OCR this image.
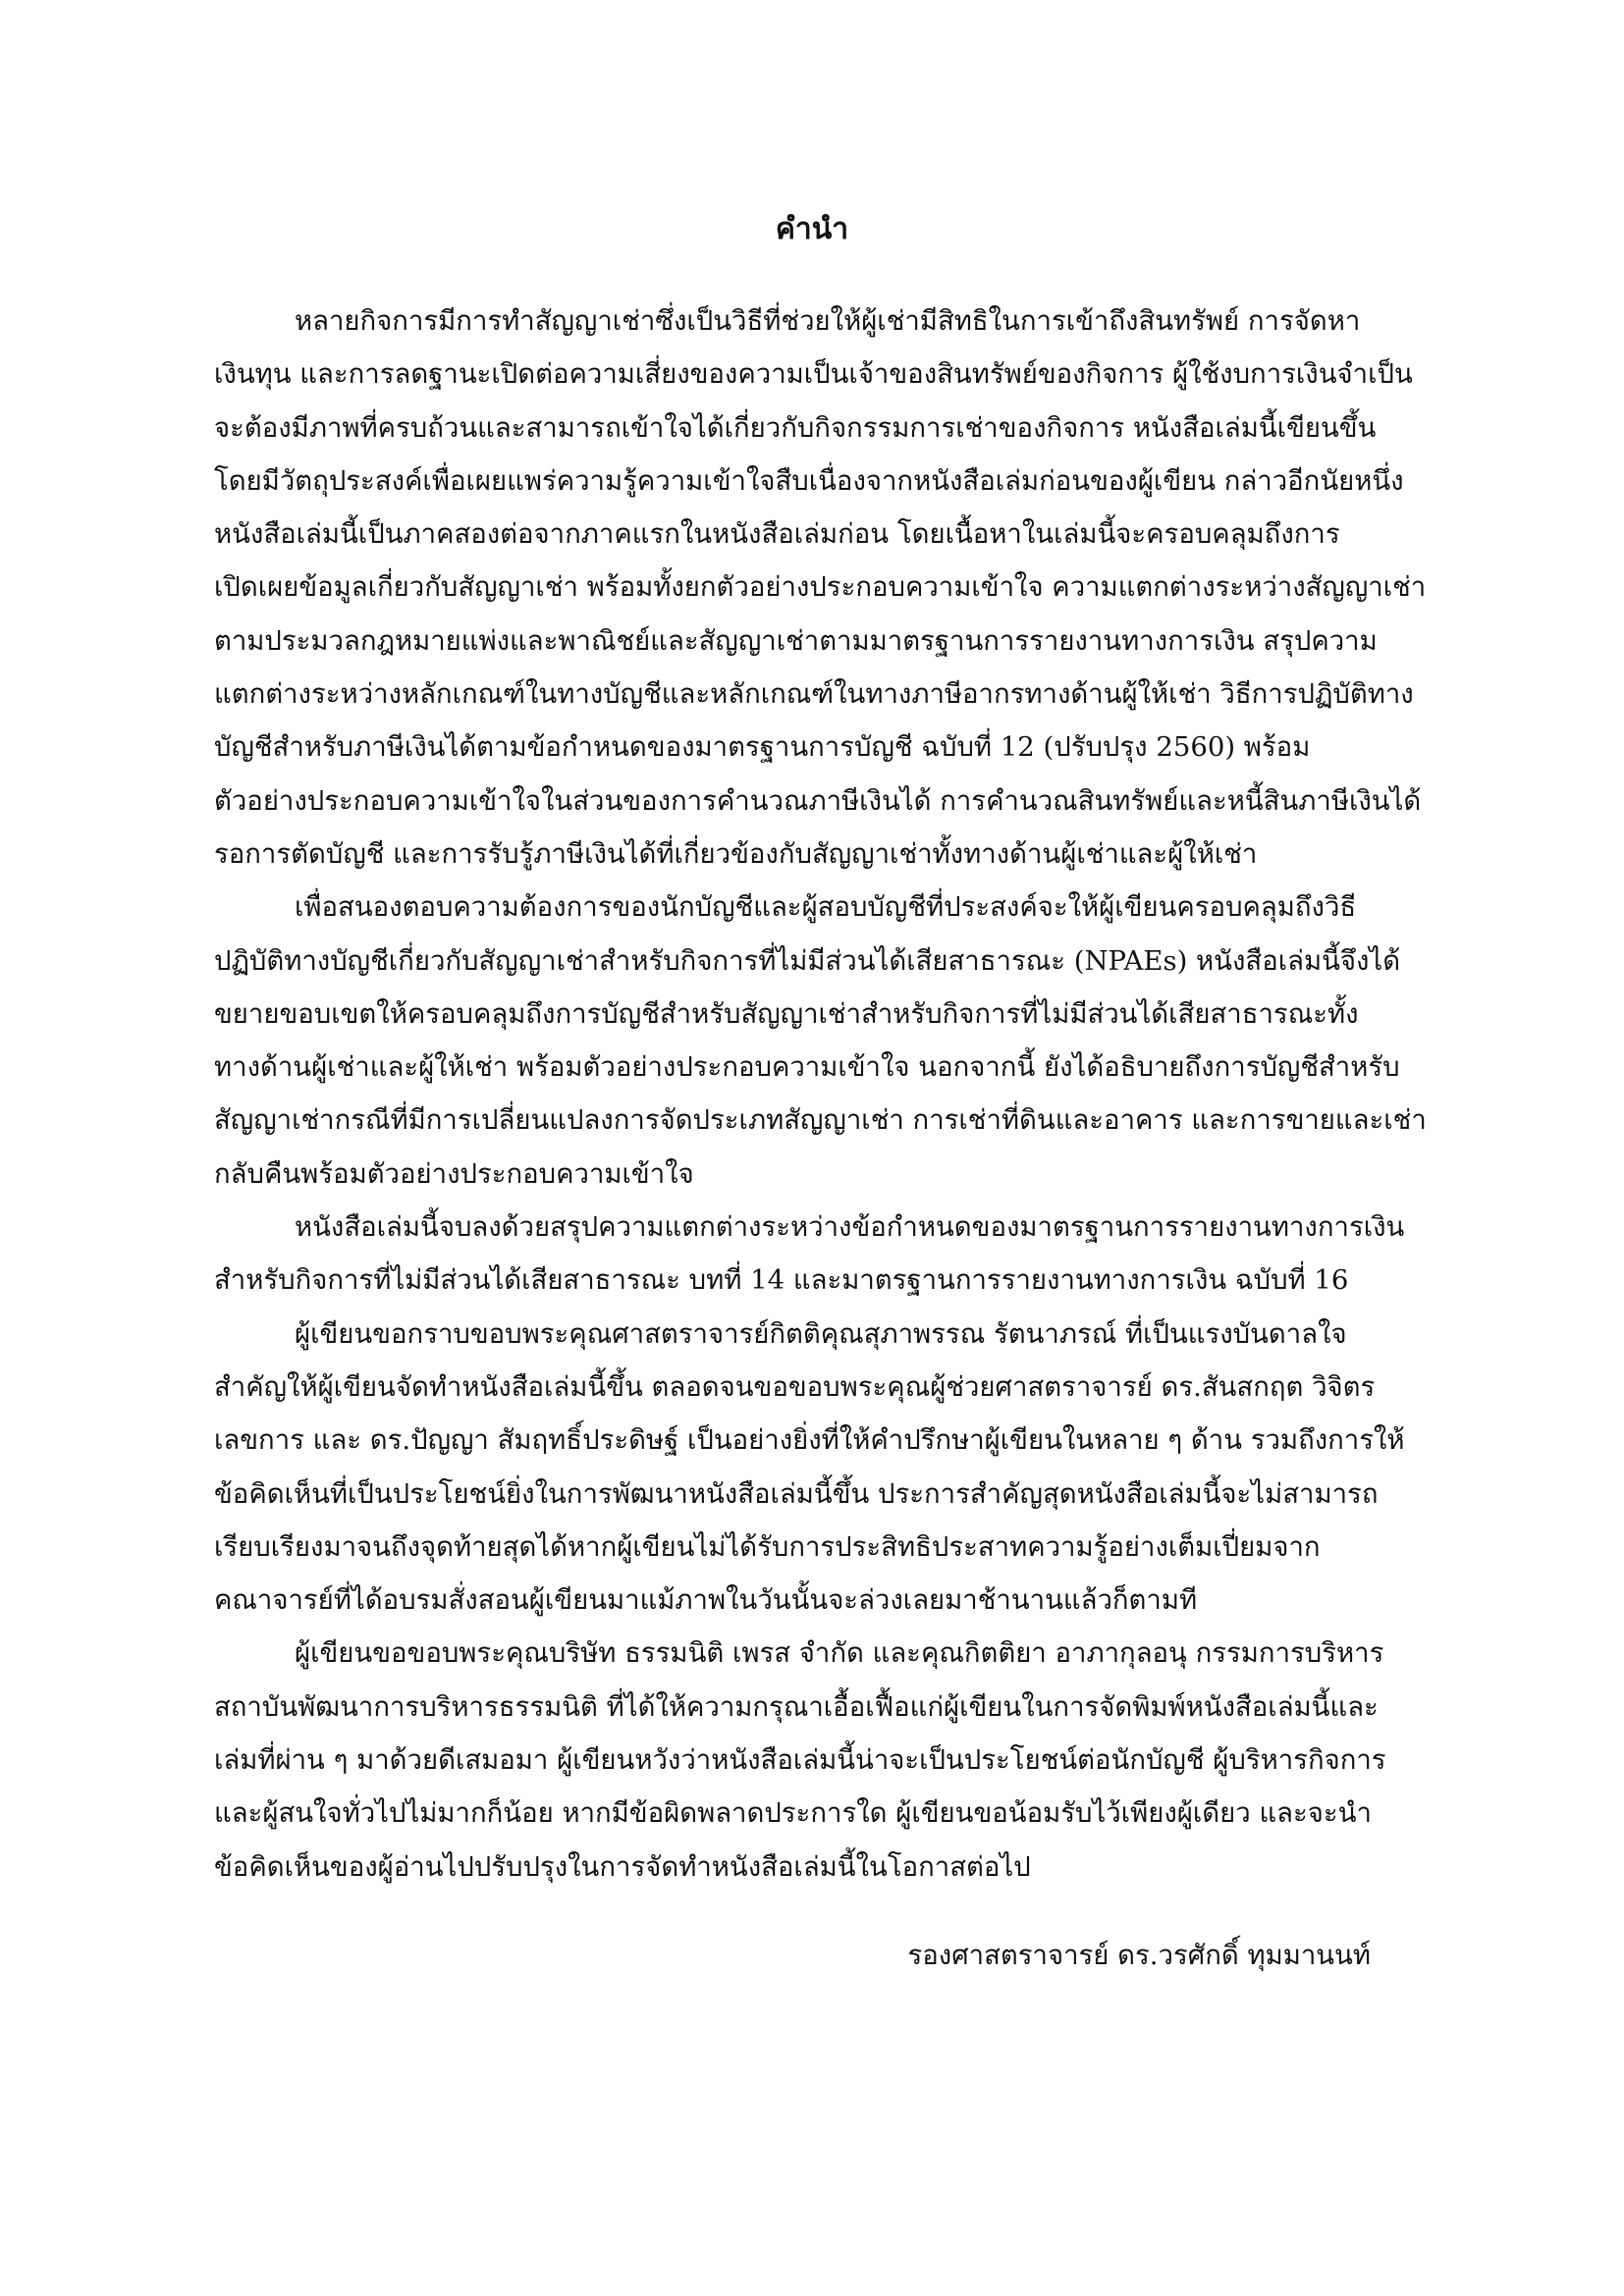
คำนำ
หลายกิจการมีการทำสัญญาเช่าซึ่งเป็นวิธีที่ช่วยให้ผู้เช่ามีสิทธิในการเข้าถึงสินทรัพย์ การจัดหา
เงินทุน และการลดฐานะเปิดต่อความเสี่ยงของความเป็นเจ้าของสินทรัพย์ของกิจการ ผู้ใช้งบการเงินจำเป็น
จะต้องมีภาพที่ครบถ้วนและสามารถเข้าใจได้เกี่ยวกับกิจกรรมการเช่าของกิจการ หนังสือเล่มนี้เขียนขึ้น
โดยมีวัตถุประสงค์เพื่อเผยแพร่ความรู้ความเข้าใจสืบเนื่องจากหนังสือเล่มก่อนของผู้เขียน กล่าวอีกนัยหนึ่ง
หนังสือเล่มนี้เป็นภาคสองต่อจากภาคแรกในหนังสือเล่มก่อน โดยเนื้อหาในเล่มนี้จะครอบคลุมถึงการ
เปิดเผยข้อมูลเกี่ยวกับสัญญาเช่า พร้อมทั้งยกตัวอย่างประกอบความเข้าใจ ความแตกต่างระหว่างสัญญาเช่า
ตามประมวลกฎหมายแพ่งและพาณิชย์และสัญญาเช่าตามมาตรฐานการรายงานทางการเงิน สรุปความ
แตกต่างระหว่างหลักเกณฑ์ในทางบัญชีและหลักเกณฑ์ในทางภาษีอากรทางด้านผู้ให้เช่า วิธีการปฏิบัติทาง
บัญชีสำหรับภาษีเงินได้ตามข้อกำหนดของมาตรฐานการบัญชี ฉบับที่ 12 (ปรับปรุง 2560) พร้อม
ตัวอย่างประกอบความเข้าใจในส่วนของการคำนวณภาษีเงินได้ การคำนวณสินทรัพย์และหนี้สินภาษีเงินได้
รอการตัดบัญชี และการรับรู้ภาษีเงินได้ที่เกี่ยวข้องกับสัญญาเช่าทั้งทางด้านผู้เช่าและผู้ให้เช่า
เพื่อสนองตอบความต้องการของนักบัญชีและผู้สอบบัญชีที่ประสงค์จะให้ผู้เขียนครอบคลุมถึงวิธี
ปฏิบัติทางบัญชีเกี่ยวกับสัญญาเช่าสำหรับกิจการที่ไม่มีส่วนได้เสียสาธารณะ (NPAEs) หนังสือเล่มนี้จึงได้
ขยายขอบเขตให้ครอบคลุมถึงการบัญชีสำหรับสัญญาเช่าสำหรับกิจการที่ไม่มีส่วนได้เสียสาธารณะทั้ง
ทางด้านผู้เช่าและผู้ให้เช่า พร้อมตัวอย่างประกอบความเข้าใจ นอกจากนี้ ยังได้อธิบายถึงการบัญชีสำหรับ
สัญญาเช่ากรณีที่มีการเปลี่ยนแปลงการจัดประเภทสัญญาเช่า การเช่าที่ดินและอาคาร และการขายและเช่า
กลับคืนพร้อมตัวอย่างประกอบความเข้าใจ
หนังสือเล่มนี้จบลงด้วยสรุปความแตกต่างระหว่างข้อกำหนดของมาตรฐานการรายงานทางการเงิน
สำหรับกิจการที่ไม่มีส่วนได้เสียสาธารณะ บทที่ 14 และมาตรฐานการรายงานทางการเงิน ฉบับที่ 16
ผู้เขียนขอกราบขอบพระคุณศาสตราจารย์กิตติคุณสุภาพรรณ รัตนาภรณ์ ที่เป็นแรงบันดาลใจ
สำคัญให้ผู้เขียนจัดทำหนังสือเล่มนี้ขึ้น ตลอดจนขอขอบพระคุณผู้ช่วยศาสตราจารย์ ดร.สันสกฤต วิจิตร
เลขการ และ ดร.ปัญญา สัมฤทธิ์ประดิษฐ์ เป็นอย่างยิ่งที่ให้คำปรึกษาผู้เขียนในหลาย ๆ ด้าน รวมถึงการให้
ข้อคิดเห็นที่เป็นประโยชน์ยิ่งในการพัฒนาหนังสือเล่มนี้ขึ้น ประการสำคัญสุดหนังสือเล่มนี้จะไม่สามารถ
เรียบเรียงมาจนถึงจุดท้ายสุดได้หากผู้เขียนไม่ได้รับการประสิทธิประสาทความรู้อย่างเต็มเปี่ยมจาก
คณาจารย์ที่ได้อบรมสั่งสอนผู้เขียนมาแม้ภาพในวันนั้นจะล่วงเลยมาช้านานแล้วก็ตามที
ผู้เขียนขอขอบพระคุณบริษัท ธรรมนิติ เพรส จำกัด และคุณกิตติยา อาภากุลอนุ กรรมการบริหาร
สถาบันพัฒนาการบริหารธรรมนิติ ที่ได้ให้ความกรุณาเอื้อเฟื้อแก่ผู้เขียนในการจัดพิมพ์หนังสือเล่มนี้และ
เล่มที่ผ่าน ๆ มาด้วยดีเสมอมา ผู้เขียนหวังว่าหนังสือเล่มนี้น่าจะเป็นประโยชน์ต่อนักบัญชี ผู้บริหารกิจการ
และผู้สนใจทั่วไปไม่มากก็น้อย หากมีข้อผิดพลาดประการใด ผู้เขียนขอน้อมรับไว้เพียงผู้เดียว และจะนำ
ข้อคิดเห็นของผู้อ่านไปปรับปรุงในการจัดทำหนังสือเล่มนี้ในโอกาสต่อไป
รองศาสตราจารย์ ดร.วรศักดิ์ ทุมมานนท์
